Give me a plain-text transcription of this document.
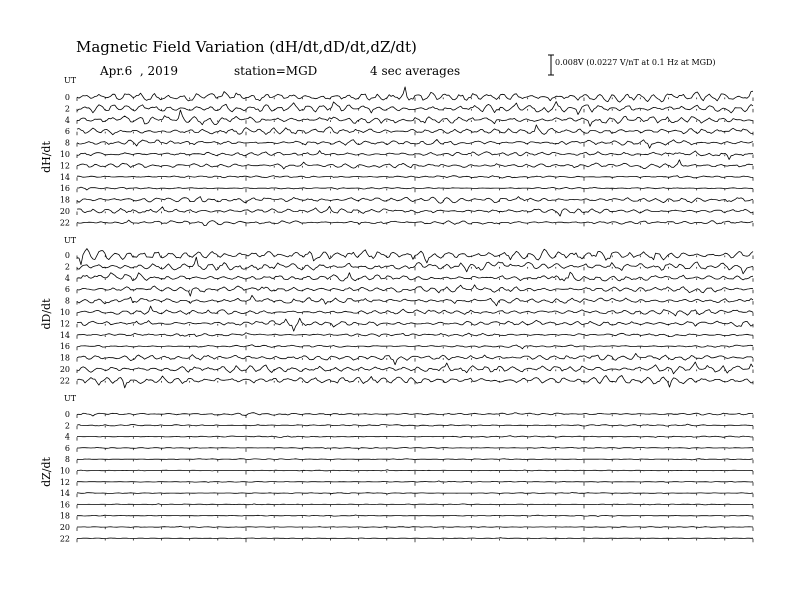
Magnetic Field Variation (dH/dt,dD/dt,dZ/dt)
Apr.6  , 2019	station=MGD	4 sec averages
0.008V (0.0227 V/nT at 0.1 Hz at MGD)
UT
dH/dt
0
2
4
6
8
10
12
14
16
18
20
22
UT
dD/dt
0
2
4
6
8
10
12
14
16
18
20
22
UT
dZ/dt
0
2
4
6
8
10
12
14
16
18
20
22
